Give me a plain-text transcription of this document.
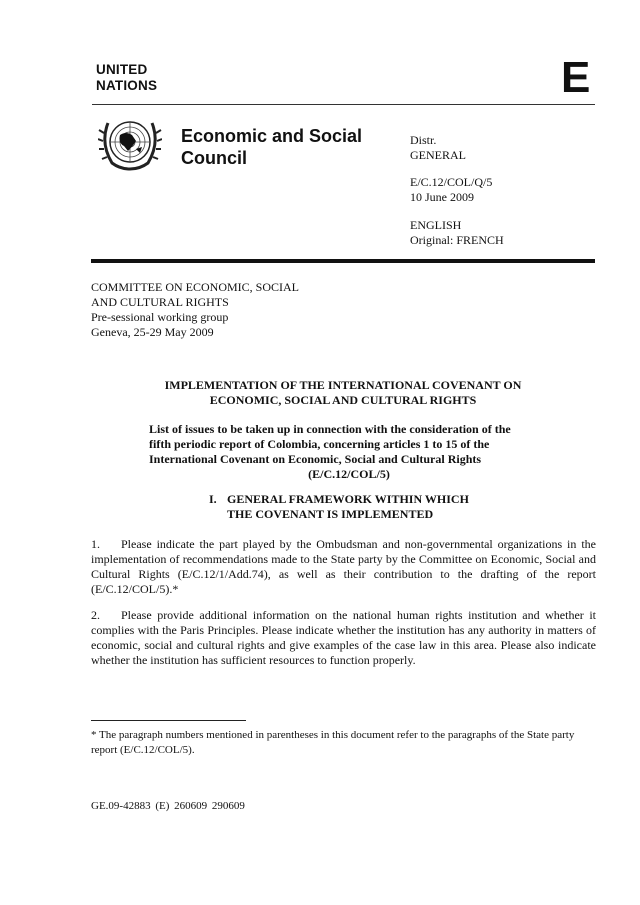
UNITED
NATIONS	E
Economic and Social
Council
Distr.
GENERAL
E/C.12/COL/Q/5
10 June 2009
ENGLISH
Original: FRENCH
COMMITTEE ON ECONOMIC, SOCIAL
AND CULTURAL RIGHTS
Pre-sessional working group
Geneva, 25-29 May 2009
IMPLEMENTATION OF THE INTERNATIONAL COVENANT ON
ECONOMIC, SOCIAL AND CULTURAL RIGHTS
List of issues to be taken up in connection with the consideration of the
fifth periodic report of Colombia, concerning articles 1 to 15 of the
International Covenant on Economic, Social and Cultural Rights
(E/C.12/COL/5)
I. GENERAL FRAMEWORK WITHIN WHICH
THE COVENANT IS IMPLEMENTED
1. Please indicate the part played by the Ombudsman and non-governmental organizations in the implementation of recommendations made to the State party by the Committee on Economic, Social and Cultural Rights (E/C.12/1/Add.74), as well as their contribution to the drafting of the report (E/C.12/COL/5).*
2. Please provide additional information on the national human rights institution and whether it complies with the Paris Principles. Please indicate whether the institution has any authority in matters of economic, social and cultural rights and give examples of the case law in this area. Please also indicate whether the institution has sufficient resources to function properly.
* The paragraph numbers mentioned in parentheses in this document refer to the paragraphs of the State party report (E/C.12/COL/5).
GE.09-42883 (E) 260609 290609
